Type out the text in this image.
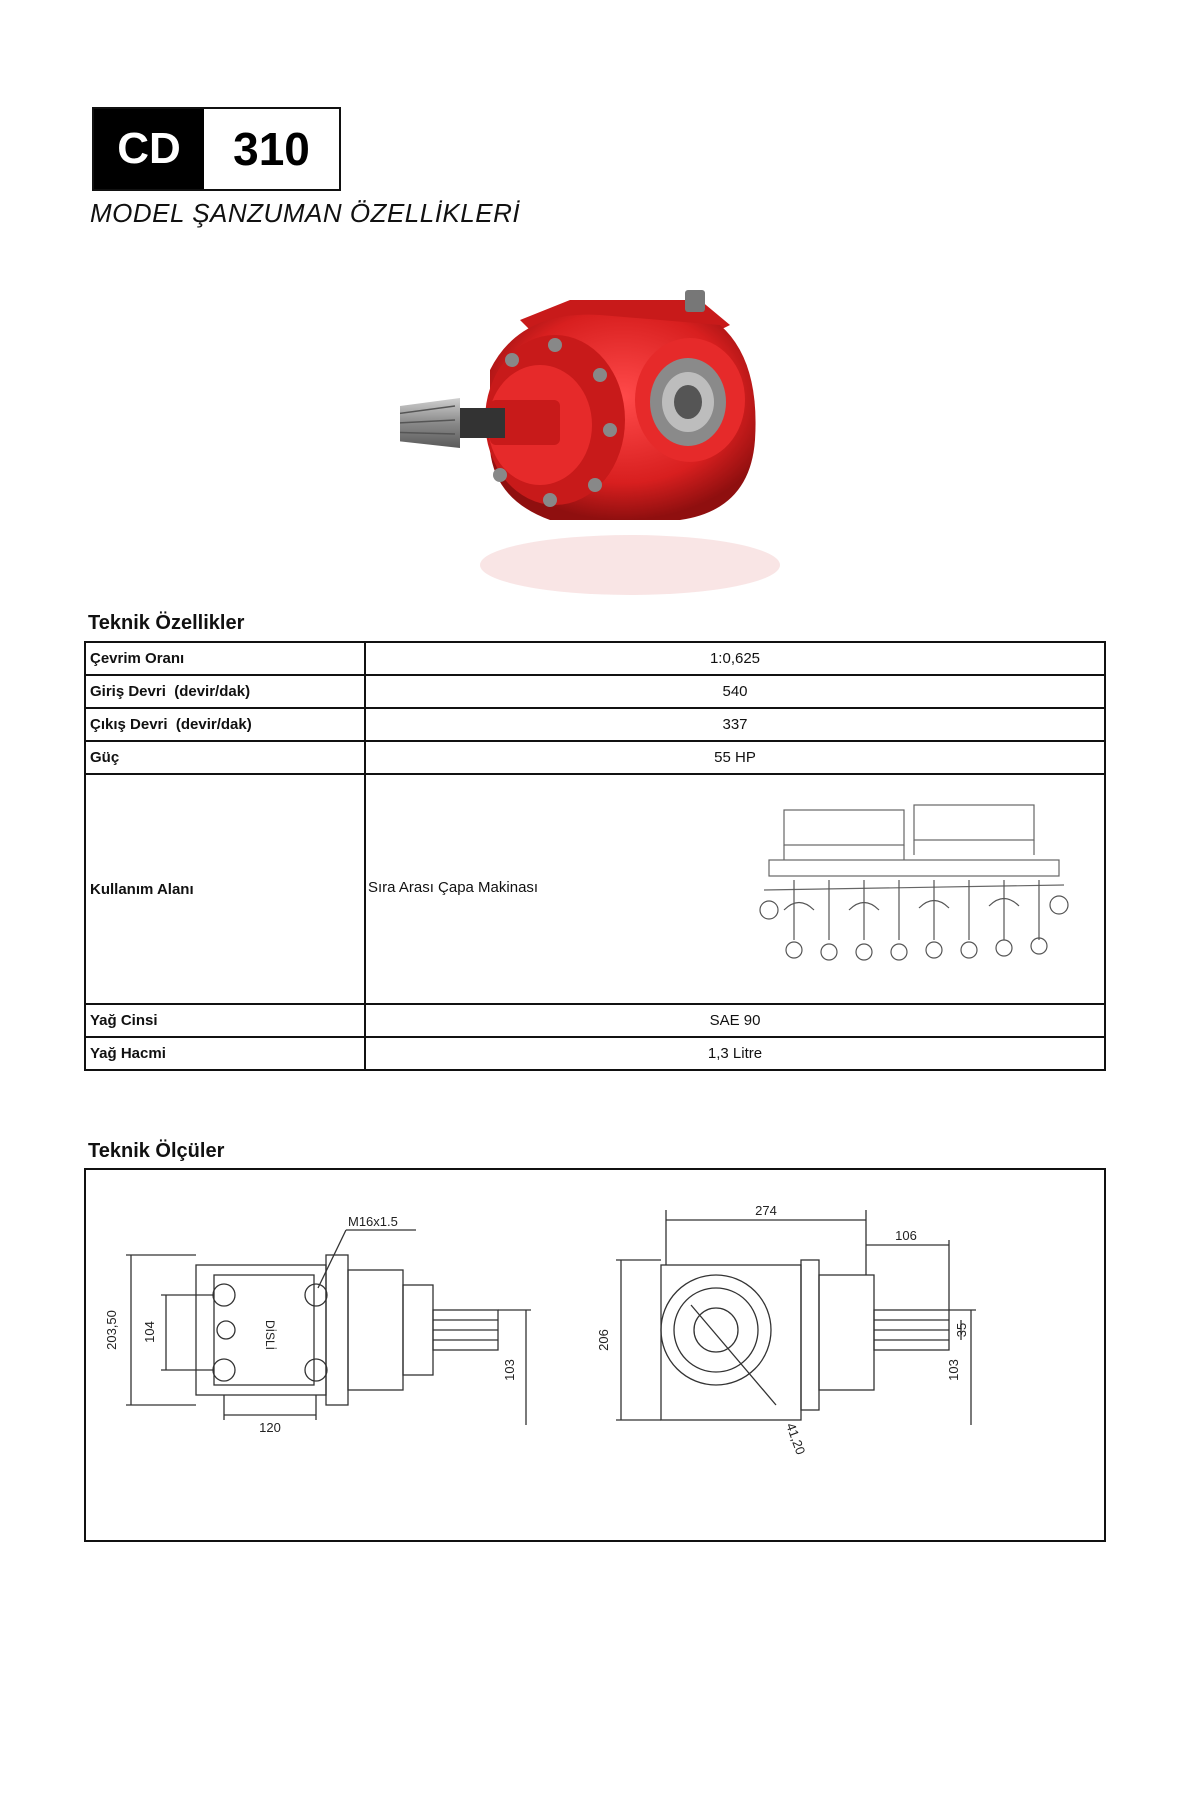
CD	310
MODEL ŞANZUMAN ÖZELLİKLERİ
Teknik Özellikler
Çevrim Oranı	1:0,625
Giriş Devri  (devir/dak)	540
Çıkış Devri  (devir/dak)	337
Güç	55 HP
Kullanım Alanı	Sıra Arası Çapa Makinası

Yağ Cinsi	SAE 90
Yağ Hacmi	1,3 Litre
Teknik Ölçüler
M16x1.5
203,50 104
120
103
274
106
206	35
103
41,20
DİSLİ
